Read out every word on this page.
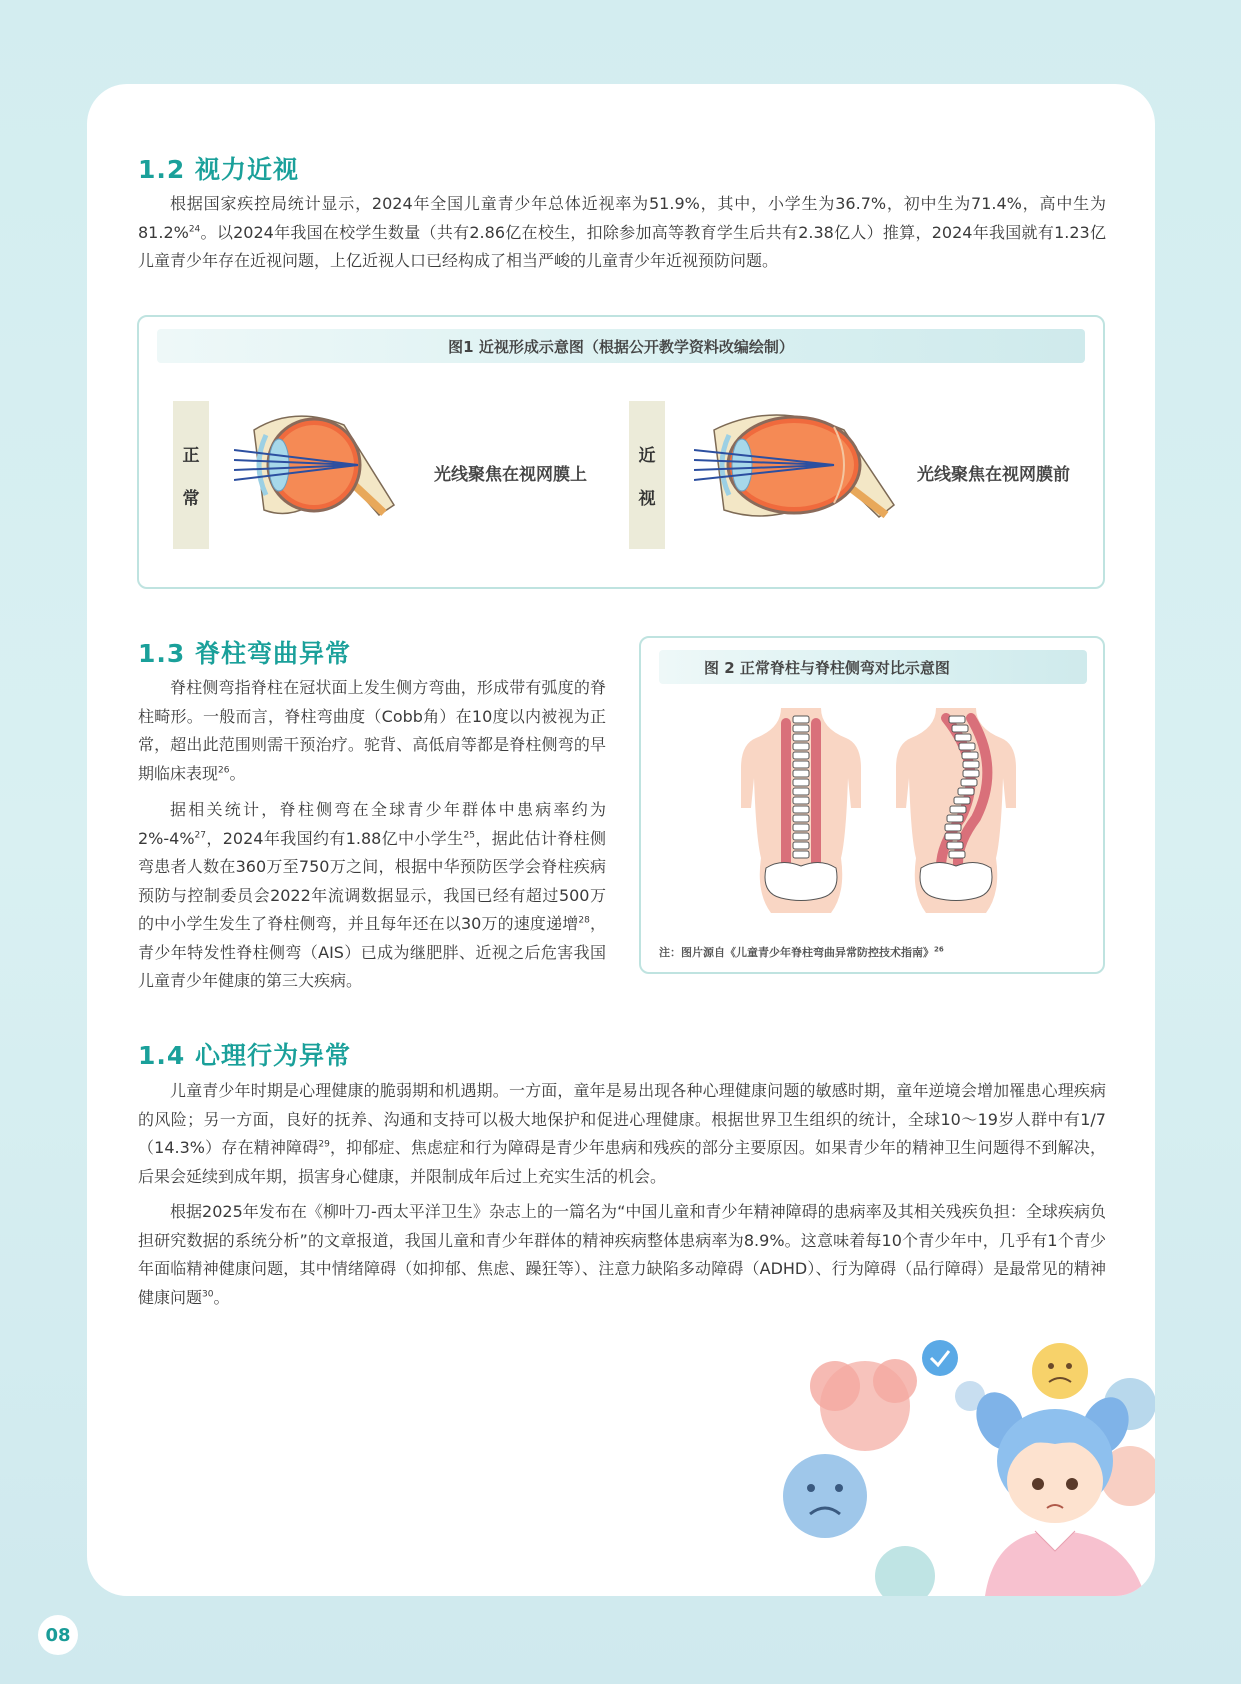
1.2 视力近视

根据国家疾控局统计显示，2024年全国儿童青少年总体近视率为51.9%，其中，小学生为36.7%，初中生为71.4%，高中生为81.2%$^{24}$。以2024年我国在校学生数量（共有2.86亿在校生，扣除参加高等教育学生后共有2.38亿人）推算，2024年我国就有1.23亿儿童青少年存在近视问题，上亿近视人口已经构成了相当严峻的儿童青少年近视预防问题。

图1 近视形成示意图（根据公开教学资料改编绘制）
正
常
光线聚焦在视网膜上
近
视
光线聚焦在视网膜前
1.3 脊柱弯曲异常

脊柱侧弯指脊柱在冠状面上发生侧方弯曲，形成带有弧度的脊柱畸形。一般而言，脊柱弯曲度（Cobb角）在10度以内被视为正常，超出此范围则需干预治疗。驼背、高低肩等都是脊柱侧弯的早期临床表现$^{26}$。

据相关统计，脊柱侧弯在全球青少年群体中患病率约为2%-4%$^{27}$，2024年我国约有1.88亿中小学生$^{25}$，据此估计脊柱侧弯患者人数在360万至750万之间，根据中华预防医学会脊柱疾病预防与控制委员会2022年流调数据显示，我国已经有超过500万的中小学生发生了脊柱侧弯，并且每年还在以30万的速度递增$^{28}$，青少年特发性脊柱侧弯（AIS）已成为继肥胖、近视之后危害我国儿童青少年健康的第三大疾病。

图 2 正常脊柱与脊柱侧弯对比示意图
注：图片源自《儿童青少年脊柱弯曲异常防控技术指南》$^{26}$
1.4 心理行为异常

儿童青少年时期是心理健康的脆弱期和机遇期。一方面，童年是易出现各种心理健康问题的敏感时期，童年逆境会增加罹患心理疾病的风险；另一方面，良好的抚养、沟通和支持可以极大地保护和促进心理健康。根据世界卫生组织的统计，全球10～19岁人群中有1/7（14.3%）存在精神障碍$^{29}$，抑郁症、焦虑症和行为障碍是青少年患病和残疾的部分主要原因。如果青少年的精神卫生问题得不到解决，后果会延续到成年期，损害身心健康，并限制成年后过上充实生活的机会。

根据2025年发布在《柳叶刀-西太平洋卫生》杂志上的一篇名为“中国儿童和青少年精神障碍的患病率及其相关残疾负担：全球疾病负担研究数据的系统分析”的文章报道，我国儿童和青少年群体的精神疾病整体患病率为8.9%。这意味着每10个青少年中，几乎有1个青少年面临精神健康问题，其中情绪障碍（如抑郁、焦虑、躁狂等）、注意力缺陷多动障碍（ADHD）、行为障碍（品行障碍）是最常见的精神健康问题$^{30}$。

08
